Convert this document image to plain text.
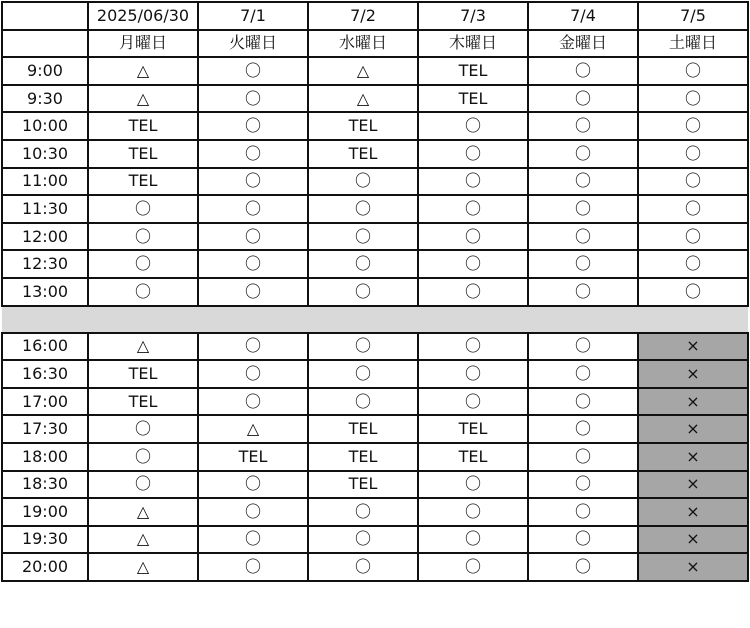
	2025/06/30	7/1	7/2	7/3	7/4	7/5
	月曜日	火曜日	水曜日	木曜日	金曜日	土曜日
9:00	△	〇	△	TEL	〇	〇
9:30	△	〇	△	TEL	〇	〇
10:00	TEL	〇	TEL	〇	〇	〇
10:30	TEL	〇	TEL	〇	〇	〇
11:00	TEL	〇	〇	〇	〇	〇
11:30	〇	〇	〇	〇	〇	〇
12:00	〇	〇	〇	〇	〇	〇
12:30	〇	〇	〇	〇	〇	〇
13:00	〇	〇	〇	〇	〇	〇

16:00	△	〇	〇	〇	〇	×
16:30	TEL	〇	〇	〇	〇	×
17:00	TEL	〇	〇	〇	〇	×
17:30	〇	△	TEL	TEL	〇	×
18:00	〇	TEL	TEL	TEL	〇	×
18:30	〇	〇	TEL	〇	〇	×
19:00	△	〇	〇	〇	〇	×
19:30	△	〇	〇	〇	〇	×
20:00	△	〇	〇	〇	〇	×
